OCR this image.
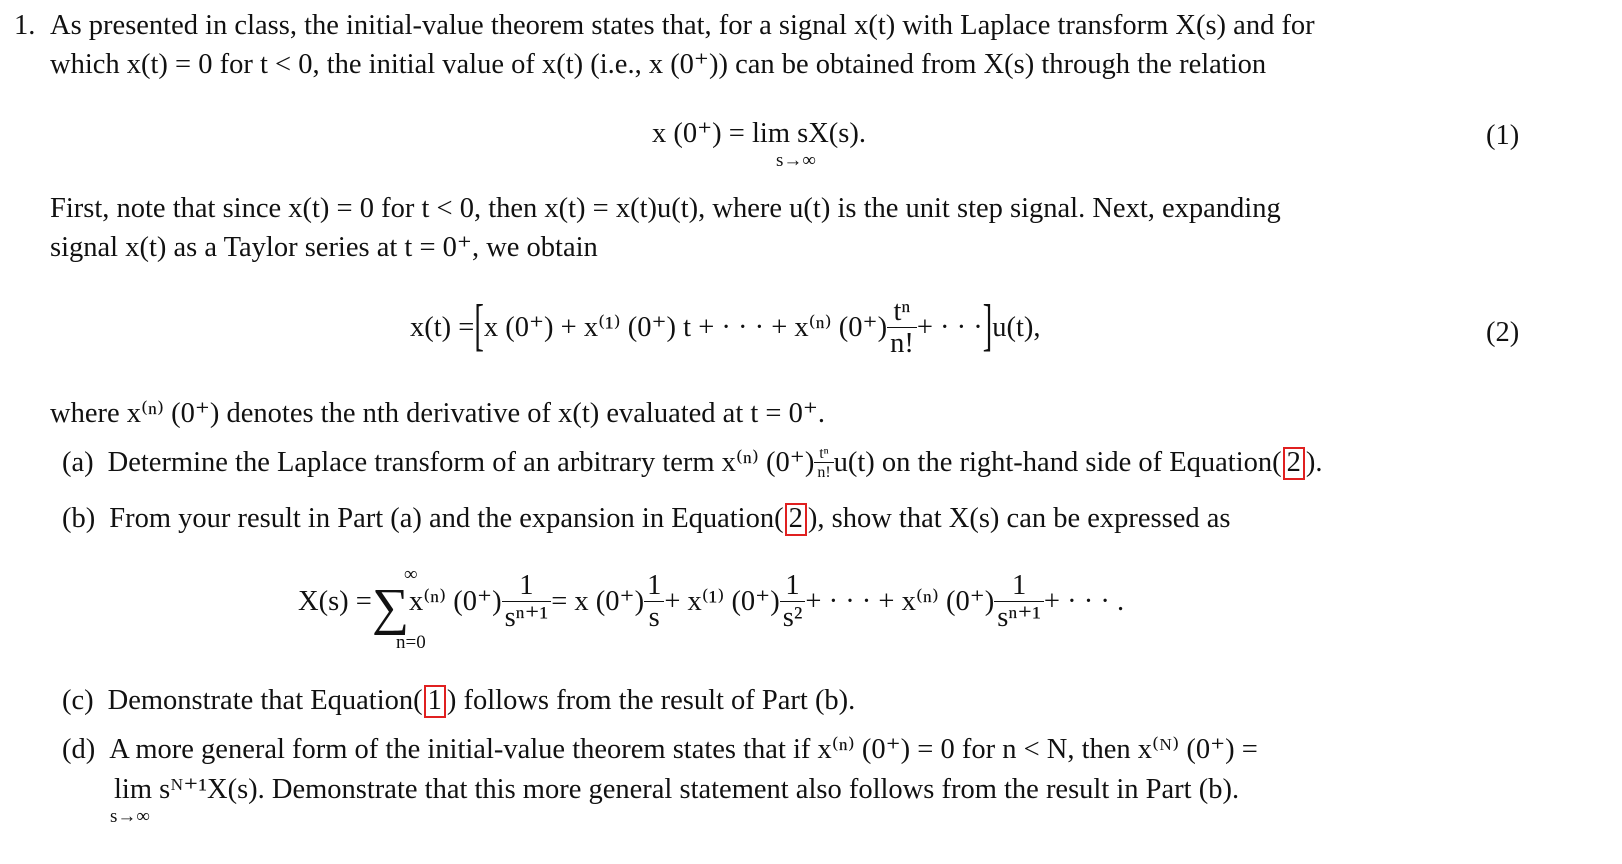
1. As presented in class, the initial-value theorem states that, for a signal x(t) with Laplace transform X(s) and for
which x(t) = 0 for t < 0, the initial value of x(t) (i.e., x (0⁺)) can be obtained from X(s) through the relation
x (0⁺) = lim sX(s).
s→∞
(1)
First, note that since x(t) = 0 for t < 0, then x(t) = x(t)u(t), where u(t) is the unit step signal. Next, expanding
signal x(t) as a Taylor series at t = 0⁺, we obtain
x(t) = [ x (0⁺) + x⁽¹⁾ (0⁺) t + · · · + x⁽ⁿ⁾ $(0^+) \frac{\text{tⁿ}}{n!}$ + · · · ] u(t),	(2)
where x⁽ⁿ⁾ (0⁺) denotes the nth derivative of x(t) evaluated at t = 0⁺.
(a) Determine the Laplace transform of an arbitrary term x⁽ⁿ⁾ $(0^+) \frac{\text{tⁿ}}{n!} u(t)$ on the right-hand side of Equation ( 2 ).
(b) From your result in Part (a) and the expansion in Equation ( 2 ), show that X(s) can be expressed as
X(s) = ∑ x⁽ⁿ⁾ $(0^+) \frac{1}{\text{sⁿ⁺¹}} = x$ $(0^+) \frac{1}{s} + x^{(1)}$ $(0^+) \frac{1}{\text{s²}}$ + · · · + x⁽ⁿ⁾ $(0^+) \frac{1}{\text{sⁿ⁺¹}}$ + · · · .
∞
n=0
(c) Demonstrate that Equation ( 1 ) follows from the result of Part (b).
(d) A more general form of the initial-value theorem states that if x⁽ⁿ⁾ (0⁺) = 0 for n < N, then x⁽ᴺ⁾ (0⁺) =
lim sᴺ⁺¹X(s). Demonstrate that this more general statement also follows from the result in Part (b).
s→∞
